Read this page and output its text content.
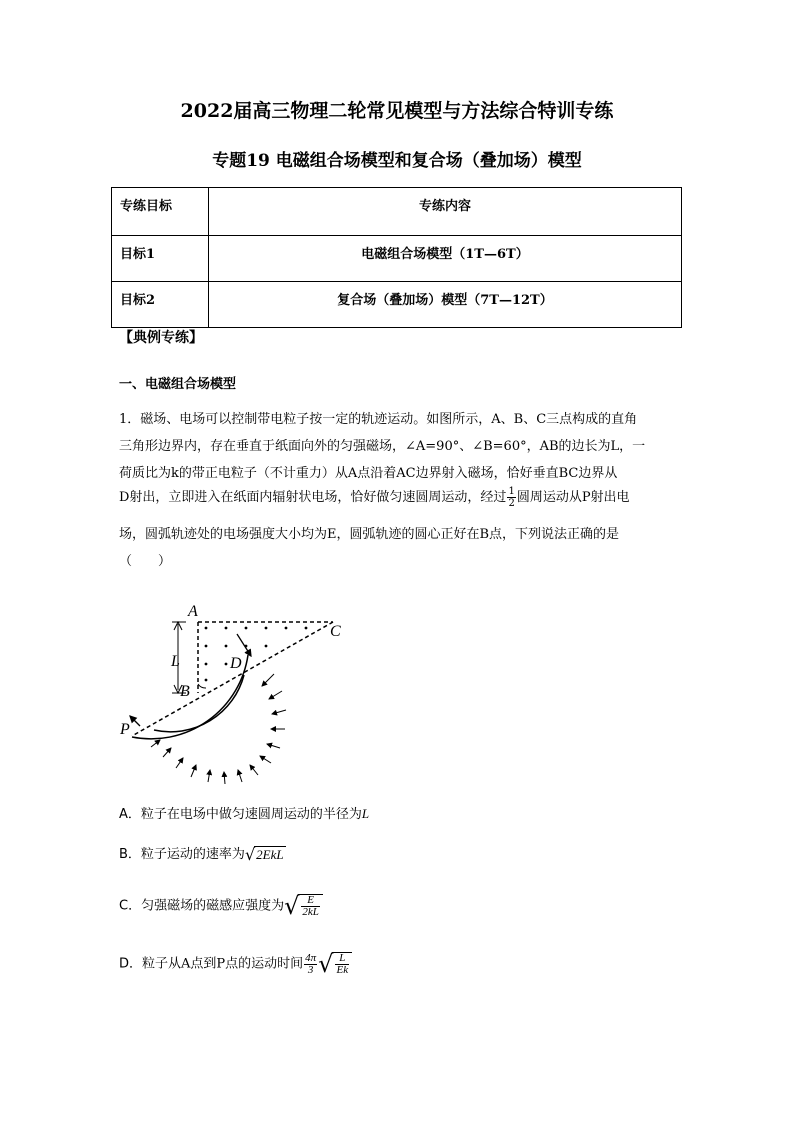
2022届高三物理二轮常见模型与方法综合特训专练
专题19 电磁组合场模型和复合场（叠加场）模型
专练目标	专练内容
目标1	电磁组合场模型（1T—6T）
目标2	复合场（叠加场）模型（7T—12T）
【典例专练】
一、电磁组合场模型
1．磁场、电场可以控制带电粒子按一定的轨迹运动。如图所示，A、B、C三点构成的直角
三角形边界内，存在垂直于纸面向外的匀强磁场，∠A=90°、∠B=60°，AB的边长为L，一
荷质比为k的带正电粒子（不计重力）从A点沿着AC边界射入磁场，恰好垂直BC边界从
D射出，立即进入在纸面内辐射状电场，恰好做匀速圆周运动，经过 $\frac{1}{2}$ 圆周运动从P射出电
场，圆弧轨迹处的电场强度大小均为E，圆弧轨迹的圆心正好在B点，下列说法正确的是
（　　）
A
C
D
L
B
P
A．粒子在电场中做匀速圆周运动的半径为L
B．粒子运动的速率为√2EkL
C．匀强磁场的磁感应强度为√ $\frac{E}{2kL}$
D．粒子从A点到P点的运动时间 $\frac{4\pi}{3}$ √ $\frac{L}{Ek}$
